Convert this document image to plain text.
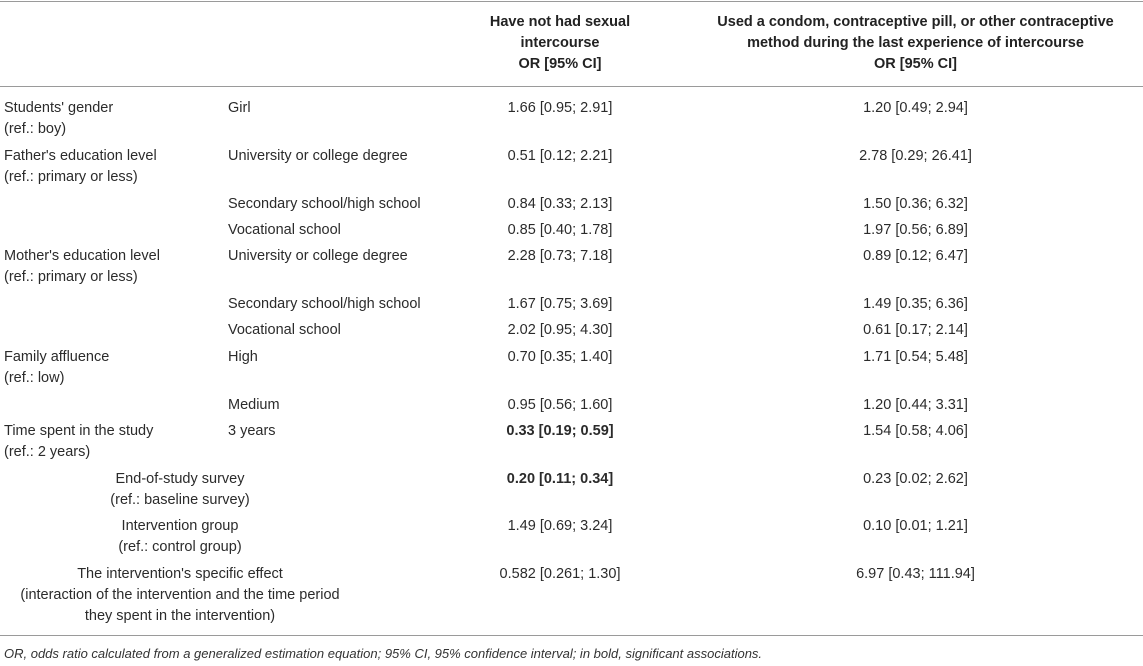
Have not had sexual
intercourse
OR [95% CI]
Used a condom, contraceptive pill, or other contraceptive
method during the last experience of intercourse
OR [95% CI]
Students' gender
(ref.: boy)
Girl	1.66 [0.95; 2.91]	1.20 [0.49; 2.94]
Father's education level
(ref.: primary or less)
University or college degree	0.51 [0.12; 2.21]	2.78 [0.29; 26.41]
Secondary school/high school	0.84 [0.33; 2.13]	1.50 [0.36; 6.32]
Vocational school	0.85 [0.40; 1.78]	1.97 [0.56; 6.89]
Mother's education level
(ref.: primary or less)
University or college degree	2.28 [0.73; 7.18]	0.89 [0.12; 6.47]
Secondary school/high school	1.67 [0.75; 3.69]	1.49 [0.35; 6.36]
Vocational school	2.02 [0.95; 4.30]	0.61 [0.17; 2.14]
Family affluence
(ref.: low)
High	0.70 [0.35; 1.40]	1.71 [0.54; 5.48]
Medium	0.95 [0.56; 1.60]	1.20 [0.44; 3.31]
Time spent in the study
(ref.: 2 years)
3 years	0.33 [0.19; 0.59]	1.54 [0.58; 4.06]
End-of-study survey
(ref.: baseline survey)
0.20 [0.11; 0.34]	0.23 [0.02; 2.62]
Intervention group
(ref.: control group)
1.49 [0.69; 3.24]	0.10 [0.01; 1.21]
The intervention's specific effect
(interaction of the intervention and the time period
they spent in the intervention)
0.582 [0.261; 1.30]	6.97 [0.43; 111.94]
OR, odds ratio calculated from a generalized estimation equation; 95% CI, 95% confidence interval; in bold, significant associations.
